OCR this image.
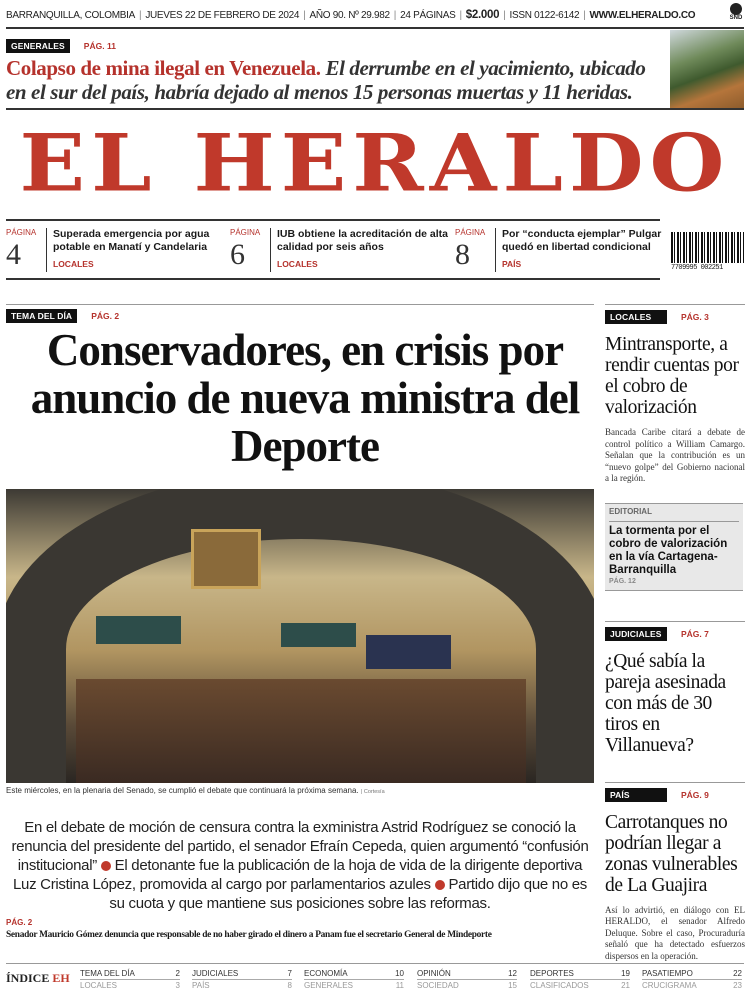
BARRANQUILLA, COLOMBIA | JUEVES 22 DE FEBRERO DE 2024 | AÑO 90. Nº 29.982 | 24 PÁGINAS | $2.000 | ISSN 0122-6142 | WWW.ELHERALDO.CO	SND
GENERALES PÁG. 11
Colapso de mina ilegal en Venezuela. El derrumbe en el yacimiento, ubicado en el sur del país, habría dejado al menos 15 personas muertas y 11 heridas.
EL HERALDO
PÁGINA
4
Superada emergencia por agua potable en Manatí y Candelaria
LOCALES
PÁGINA
6
IUB obtiene la acreditación de alta calidad por seis años
LOCALES
PÁGINA
8
Por “conducta ejemplar” Pulgar quedó en libertad condicional
PAÍS	7709995 002251
TEMA DEL DÍA PÁG. 2
Conservadores, en crisis por anuncio de nueva ministra del Deporte
Este miércoles, en la plenaria del Senado, se cumplió el debate que continuará la próxima semana. | Cortesía
En el debate de moción de censura contra la exministra Astrid Rodríguez se conoció la renuncia del presidente del partido, el senador Efraín Cepeda, quien argumentó “confusión institucional” El detonante fue la publicación de la hoja de vida de la dirigente deportiva Luz Cristina López, promovida al cargo por parlamentarios azules Partido dijo que no es su cuota y que mantiene sus posiciones sobre las reformas.
PÁG. 2
Senador Mauricio Gómez denuncia que responsable de no haber girado el dinero a Panam fue el secretario General de Mindeporte
LOCALES	PÁG. 3
Mintransporte, a rendir cuentas por el cobro de valorización

Bancada Caribe citará a debate de control político a William Camargo. Señalan que la contribución es un “nuevo golpe” del Gobierno nacional a la región.

EDITORIAL
La tormenta por el cobro de valorización en la vía Cartagena-Barranquilla
PÁG. 12
JUDICIALES PÁG. 7
¿Qué sabía la pareja asesinada con más de 30 tiros en Villanueva?
PAÍS	PÁG. 9
Carrotanques no podrían llegar a zonas vulnerables de La Guajira

Así lo advirtió, en diálogo con EL HERALDO, el senador Alfredo Deluque. Sobre el caso, Procuraduría señaló que ha detectado esfuerzos dispersos en la operación.

ÍNDICE EH TEMA DEL DÍA	2
LOCALES	3
JUDICIALES	7
PAÍS	8
ECONOMÍA	10
GENERALES	11
OPINIÓN	12
SOCIEDAD	15
DEPORTES	19
CLASIFICADOS	21
PASATIEMPO	22
CRUCIGRAMA	23
